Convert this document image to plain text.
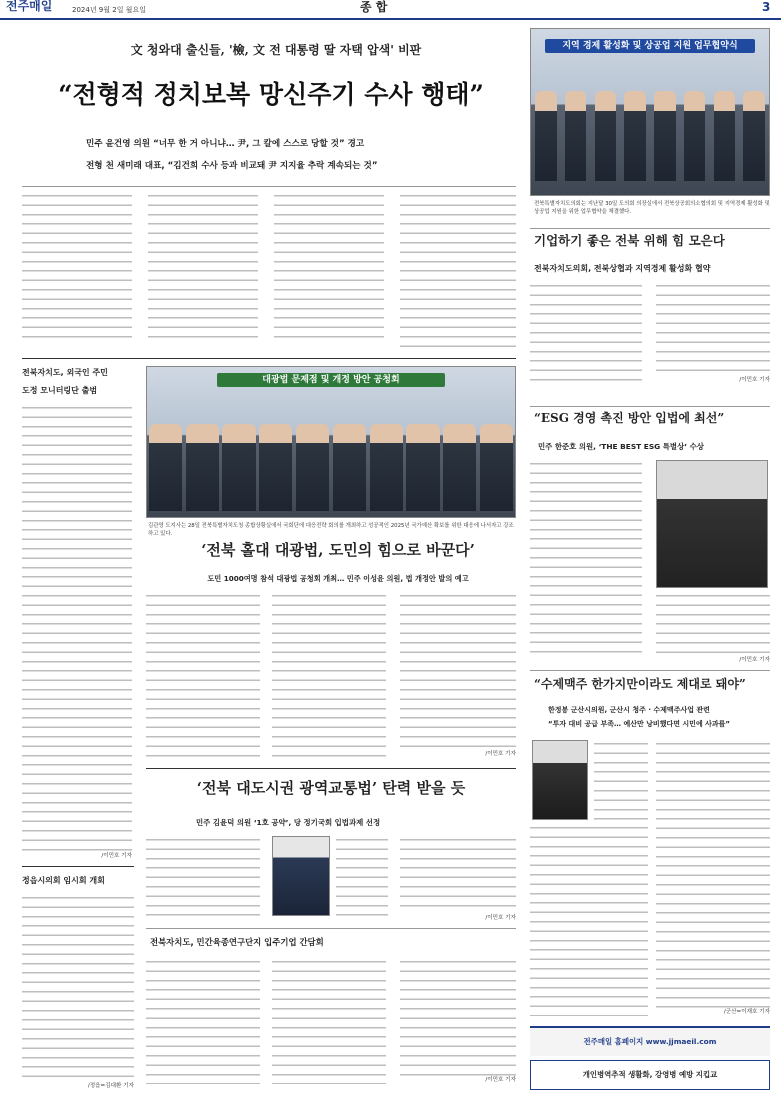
전주매일	2024년 9월 2일 월요일	종 합	3
文 청와대 출신들, '檢, 文 전 대통령 딸 자택 압색' 비판
“전형적 정치보복 망신주기 수사 행태”
민주 윤건영 의원 “너무 한 거 아니냐… 尹, 그 칼에 스스로 당할 것” 경고
전형 천 새미래 대표, “김건희 수사 등과 비교돼 尹 지지율 추락 계속되는 것”
지역 경제 활성화 및 상공업 지원 업무협약식
전북특별자치도의회는 지난달 30일 도의회 의장실에서 전북상공회의소협의회 및 지역경제 활성화 및 상공업 지원을 위한 업무협약을 체결했다.
기업하기 좋은 전북 위해 힘 모은다
전북자치도의회, 전북상협과 지역경제 활성화 협약
/이민호 기자
전북자치도, 외국인 주민
도정 모니터링단 출범
/이민호 기자
대광법 문제점 및 개정 방안 공청회
김관영 도지사는 28일 전북특별자치도청 종합상황실에서 국회단에 대응전략 회의를 개최하고 성공적인 2025년 국가예산 확보를 위한 대응에 나서자고 강조하고 있다.
‘전북 홀대 대광법, 도민의 힘으로 바꾼다’
도민 1000여명 참석 대광법 공청회 개최… 민주 이성윤 의원, 법 개정안 발의 예고
/이민호 기자
“ESG 경영 촉진 방안 입법에 최선”
민주 한준호 의원, ‘THE BEST ESG 특별상’ 수상
/이민호 기자
“수제맥주 한가지만이라도 제대로 돼야”
한정봉 군산시의원, 군산시 청주 · 수제맥주사업 관련
“투자 대비 공급 부족… 예산만 낭비했다면 시민에 사과를”
/군산=이재호 기자
‘전북 대도시권 광역교통법’ 탄력 받을 듯
민주 김윤덕 의원 ‘1호 공약’, 당 정기국회 입법과제 선정
/이민호 기자
정읍시의회 임시회 개회
/정읍=김대환 기자
전북자치도, 민간육종연구단지 입주기업 간담회
/이민호 기자
전주매일 홈페이지 www.jjmaeil.com
개인병역추적 생활화, 강영병 예방 지킵교
